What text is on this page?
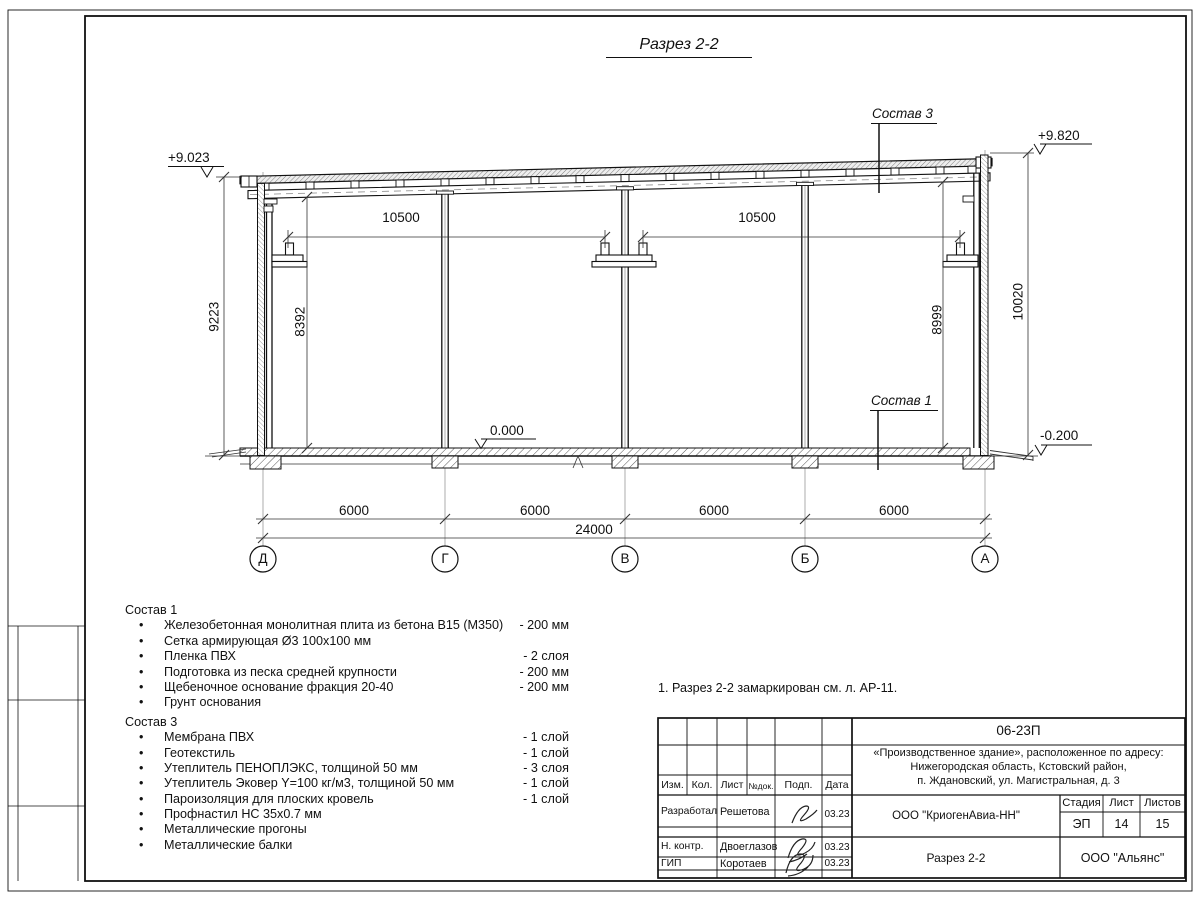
Разрез 2-2
+9.023
+9.820
0.000	-0.200
Состав 3
Состав 1
10500	10500
9223	8392	8999	10020
6000	6000	6000	6000
24000
Д	Г	В	Б	А
1. Разрез 2-2 замаркирован см. л. АР-11.
Состав 1
•	Железобетонная монолитная плита из бетона В15 (М350) - 200 мм
•	Сетка армирующая Ø3 100х100 мм
•	Пленка ПВХ	- 2 слоя
•	Подготовка из песка средней крупности	- 200 мм
•	Щебеночное основание фракция 20-40	- 200 мм
•	Грунт основания
Состав 3
•	Мембрана ПВХ	- 1 слой
•	Геотекстиль	- 1 слой
•	Утеплитель ПЕНОПЛЭКС, толщиной 50 мм	- 3 слоя
•	Утеплитель Эковер Y=100 кг/м3, толщиной 50 мм	- 1 слой
•	Пароизоляция для плоских кровель	- 1 слой
•	Профнастил НС 35х0.7 мм
•	Металлические прогоны
•	Металлические балки
06-23П
«Производственное здание», расположенное по адресу:
Нижегородская область, Кстовский район,
п. Ждановский, ул. Магистральная, д. 3
Изм. Кол. Лист №док.	Подп.	Дата
Разработал Решетова	03.23
Н. контр. Двоеглазов	03.23
ГИП	Коротаев	03.23
ООО "КриогенАвиа-НН"
Разрез 2-2
Стадия Лист Листов
ЭП	14	15
ООО "Альянс"
